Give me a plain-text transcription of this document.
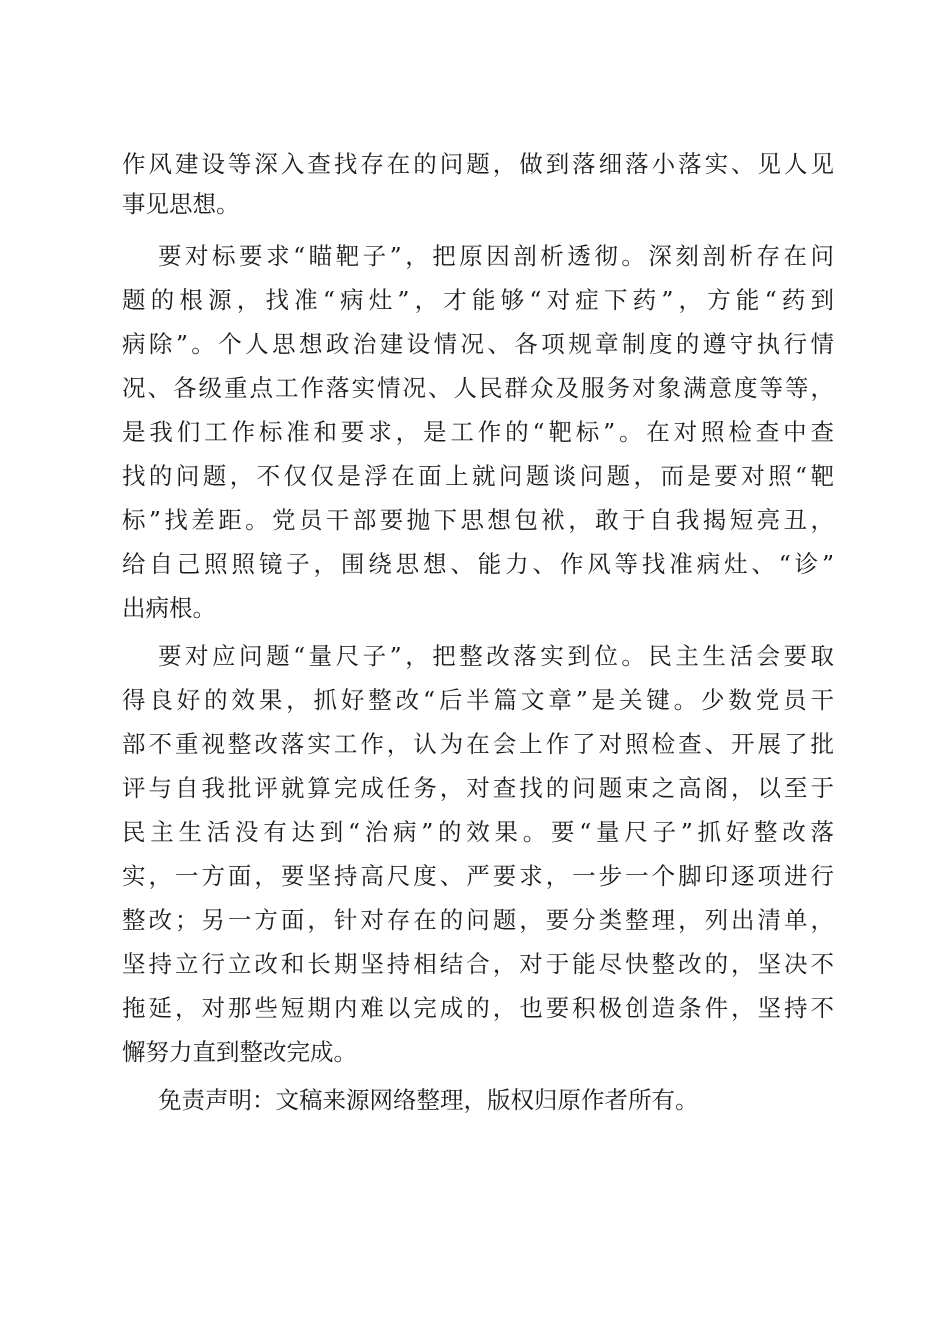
作风建设等深入查找存在的问题，做到落细落小落实、见人见
事见思想。
要对标要求“瞄靶子”，把原因剖析透彻。深刻剖析存在问
题的根源，找准“病灶”，才能够“对症下药”，方能“药到
病除”。个人思想政治建设情况、各项规章制度的遵守执行情
况、各级重点工作落实情况、人民群众及服务对象满意度等等，
是我们工作标准和要求，是工作的“靶标”。在对照检查中查
找的问题，不仅仅是浮在面上就问题谈问题，而是要对照“靶
标”找差距。党员干部要抛下思想包袱，敢于自我揭短亮丑，
给自己照照镜子，围绕思想、能力、作风等找准病灶、“诊”
出病根。
要对应问题“量尺子”，把整改落实到位。民主生活会要取
得良好的效果，抓好整改“后半篇文章”是关键。少数党员干
部不重视整改落实工作，认为在会上作了对照检查、开展了批
评与自我批评就算完成任务，对查找的问题束之高阁，以至于
民主生活没有达到“治病”的效果。要“量尺子”抓好整改落
实，一方面，要坚持高尺度、严要求，一步一个脚印逐项进行
整改；另一方面，针对存在的问题，要分类整理，列出清单，
坚持立行立改和长期坚持相结合，对于能尽快整改的，坚决不
拖延，对那些短期内难以完成的，也要积极创造条件，坚持不
懈努力直到整改完成。
免责声明：文稿来源网络整理，版权归原作者所有。
